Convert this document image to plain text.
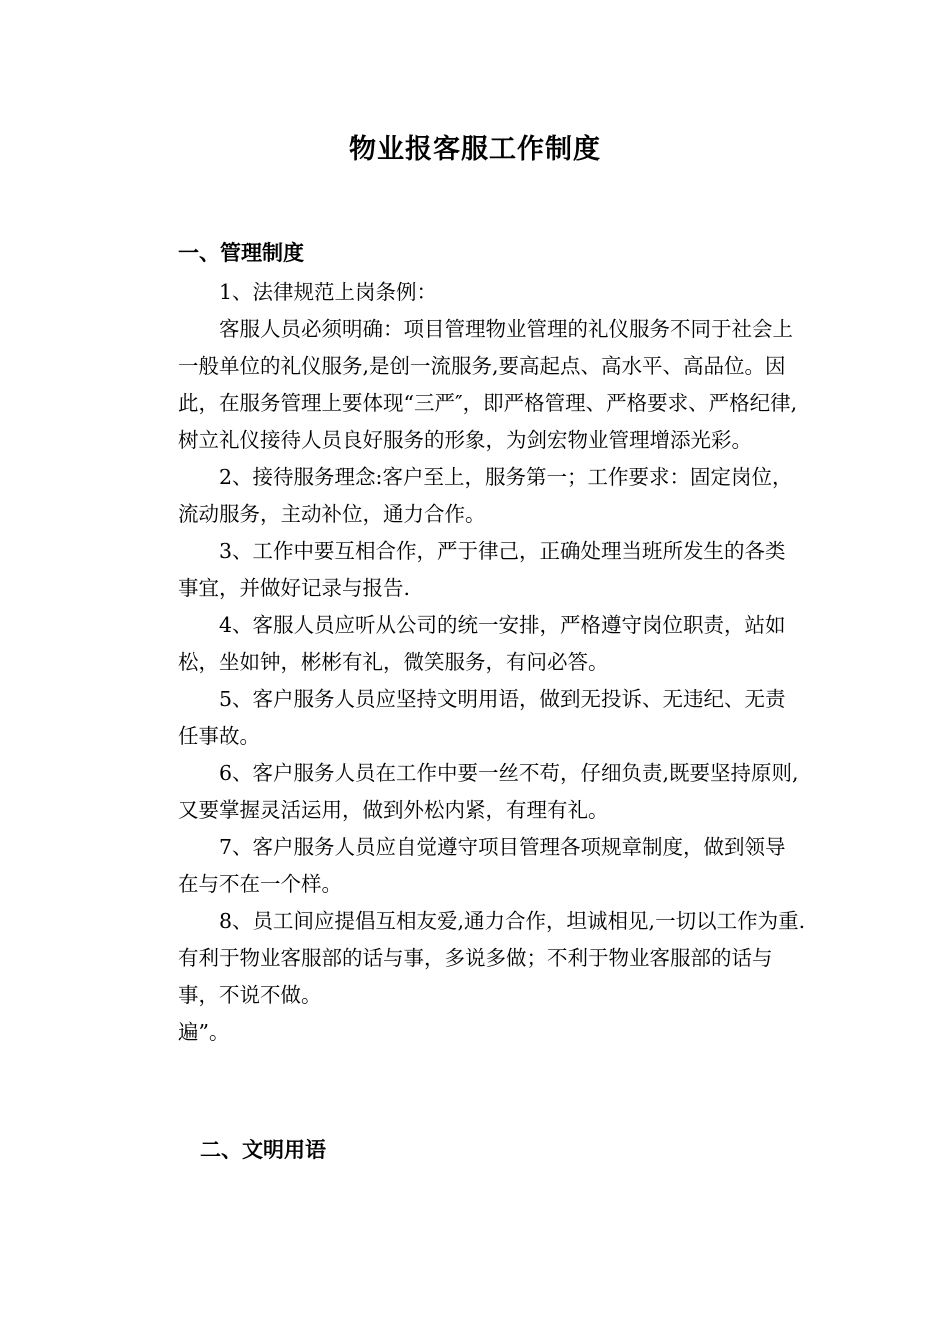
物业报客服工作制度
一、管理制度

1、法律规范上岗条例：

客服人员必须明确：项目管理物业管理的礼仪服务不同于社会上一般单位的礼仪服务,是创一流服务,要高起点、高水平、高品位。因此，在服务管理上要体现“三严″，即严格管理、严格要求、严格纪律,树立礼仪接待人员良好服务的形象，为剑宏物业管理增添光彩。

2、接待服务理念:客户至上，服务第一；工作要求：固定岗位，流动服务，主动补位，通力合作。

3、工作中要互相合作，严于律己，正确处理当班所发生的各类事宜，并做好记录与报告.

4、客服人员应听从公司的统一安排，严格遵守岗位职责，站如松，坐如钟，彬彬有礼，微笑服务，有问必答。

5、客户服务人员应坚持文明用语，做到无投诉、无违纪、无责任事故。

6、客户服务人员在工作中要一丝不苟，仔细负责,既要坚持原则,又要掌握灵活运用，做到外松内紧，有理有礼。

7、客户服务人员应自觉遵守项目管理各项规章制度，做到领导在与不在一个样。

8、员工间应提倡互相友爱,通力合作，坦诚相见,一切以工作为重.有利于物业客服部的话与事，多说多做；不利于物业客服部的话与事，不说不做。

遍”。

二、文明用语
